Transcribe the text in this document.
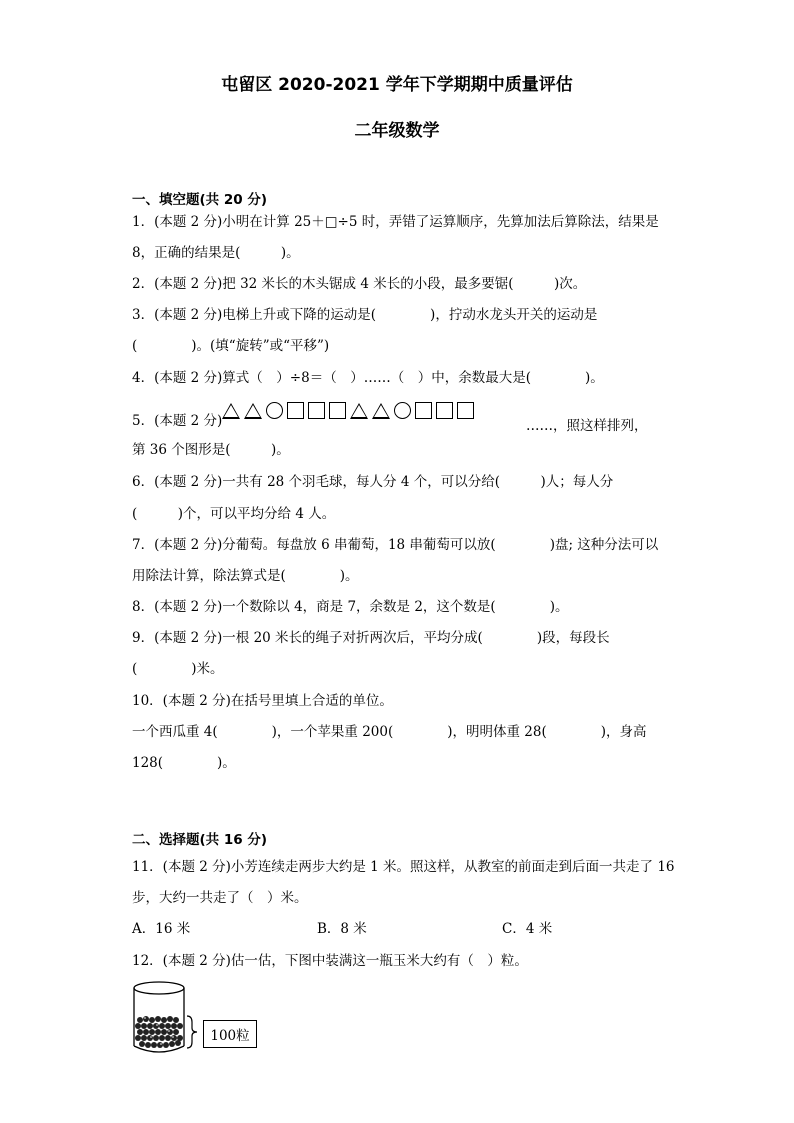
屯留区 2020-2021 学年下学期期中质量评估
二年级数学
一、填空题(共 20 分)
1．(本题 2 分)小明在计算 25＋□÷5 时，弄错了运算顺序，先算加法后算除法，结果是
8，正确的结果是(　　　)。
2．(本题 2 分)把 32 米长的木头锯成 4 米长的小段，最多要锯(　　　)次。
3．(本题 2 分)电梯上升或下降的运动是(　　　　)，拧动水龙头开关的运动是
(　　　　)。(填“旋转”或“平移”)
4．(本题 2 分)算式（　）÷8＝（　）……（　）中，余数最大是(　　　　)。
5．(本题 2 分)	……，照这样排列，
第 36 个图形是(　　　)。
6．(本题 2 分)一共有 28 个羽毛球，每人分 4 个，可以分给(　　　)人；每人分
(　　　)个，可以平均分给 4 人。
7．(本题 2 分)分葡萄。每盘放 6 串葡萄，18 串葡萄可以放(　　　　)盘; 这种分法可以
用除法计算，除法算式是(　　　　)。
8．(本题 2 分)一个数除以 4，商是 7，余数是 2，这个数是(　　　　)。
9．(本题 2 分)一根 20 米长的绳子对折两次后，平均分成(　　　　)段，每段长
(　　　　)米。
10．(本题 2 分)在括号里填上合适的单位。
一个西瓜重 4(　　　　)，一个苹果重 200(　　　　)，明明体重 28(　　　　)，身高
128(　　　　)。
二、选择题(共 16 分)
11．(本题 2 分)小芳连续走两步大约是 1 米。照这样，从教室的前面走到后面一共走了 16
步，大约一共走了（　）米。
A．16 米	B．8 米	C．4 米
12．(本题 2 分)估一估，下图中装满这一瓶玉米大约有（　）粒。
100粒
